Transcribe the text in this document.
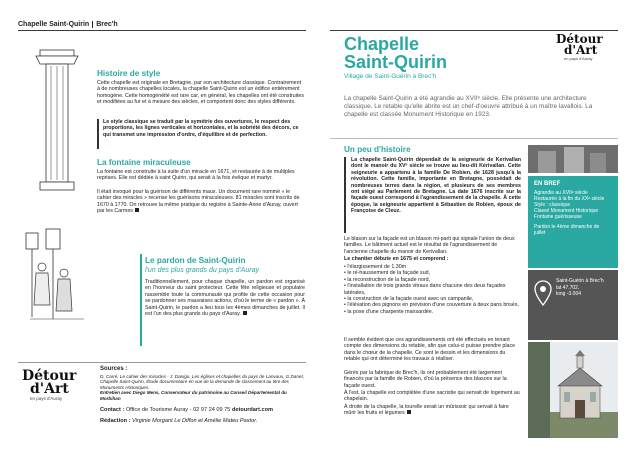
Chapelle Saint-Quirin Brec'h
Chapelle
Saint-Quirin
Village de Saint-Guérin à Brec'h
Détour
d'Art
en pays d'Auray
La chapelle Saint-Quirin a été agrandie au XVIIᵉ siècle. Elle présente une architecture classique. Le retable qu'elle abrite est un chef-d'oeuvre attribué à un maître lavallois. La chapelle est classée Monument Historique en 1923.
Histoire de style
Cette chapelle est originale en Bretagne, par son architecture classique. Contrairement à de nombreuses chapelles locales, la chapelle Saint-Quirin est un édifice entièrement homogène. Cette homogénéité est rare car, en général, les chapelles ont été construites et modifiées au fur et à mesure des siècles, et comportent donc des styles différents.
Le style classique se traduit par la symétrie des ouvertures, le respect des proportions, les lignes verticales et horizontales, et la sobriété des décors, ce qui transmet une impression d'ordre, d'équilibre et de perfection.
La fontaine miraculeuse
La fontaine est construite à la suite d'un miracle en 1671, et restaurée à de multiples reprises. Elle est dédiée à saint Quirin, qui serait à la fois évêque et martyr.
Il était invoqué pour la guérison de différents maux. Un document rare nommé « le cahier des miracles » recense les guérisons miraculeuses. 81 miracles sont inscrits de 1670 à 1770. On retrouve la même pratique du registre à Sainte-Anne d'Auray, ouvert par les Carmes
Le pardon de Saint-Quirin
l'un des plus grands du pays d'Auray
Traditionnellement, pour chaque chapelle, un pardon est organisé en l'honneur du saint protecteur. Cette fête religieuse et populaire rassemble toute la communauté qui profite de cette occasion pour se pardonner ses mauvaises actions, d'où le terme de « pardon ». À Saint-Quirin, le pardon a lieu tous les 4èmes dimanches de juillet. Il est l'un des plus grands du pays d'Auray.
Détour
d'Art
en pays d'Auray
Sources :
D. Carré, Le cahier des miracles - J. Danigo, Les églises et chapelles du pays de Lanvaux, G.Danet, Chapelle Saint-Quirin, Étude documentaire en vue de la demande de classement au titre des Monuments Historiques.
Entretien avec Diego Mens, Conservateur du patrimoine au Conseil Départemental du Morbihan
Contact : Office de Tourisme Auray - 02 97 24 09 75 detourdart.com
Rédaction : Virginie Morgant Le Diffon et Amélie Mateu Pastor.
Un peu d'histoire
La chapelle Saint-Quirin dépendait de la seigneurie de Kerivallan dont le manoir du XVᵉ siècle se trouve au lieu-dit Kérivallan. Cette seigneurie a appartenu à la famille De Robien, de 1628 jusqu'à la révolution. Cette famille, importante en Bretagne, possédait de nombreuses terres dans la région, et plusieurs de ses membres ont siégé au Parlement de Bretagne. La date 1676 inscrite sur la façade ouest correspond à l'agrandissement de la chapelle. À cette époque, la seigneurie appartient à Sébastien de Robien, époux de Françoise de Cleuz.
Le blason sur la façade est un blason mi-parti qui signale l'union de deux familles. Le bâtiment actuel est le résultat de l'agrandissement de l'ancienne chapelle du manoir de Kerivallan.
Le chantier débute en 1675 et comprend :
• l'élargissement de 1,30m
• le ré-haussement de la façade sud,
• la reconstruction de la façade nord,
• l'installation de trois grands vitraux dans chacune des deux façades latérales,
• la construction de la façade ouest avec un campanile,
• l'élévation des pignons en prévision d'une couverture à deux pans brisés,
• la pose d'une charpente mansardée.
Il semble évident que ces agrandissements ont été effectués en tenant compte des dimensions du retable, afin que celui-ci puisse prendre place dans le chœur de la chapelle. Ce sont le dessin et les dimensions du retable qui ont déterminé les travaux à réaliser.
Gérés par la fabrique de Brec'h, ils ont probablement été largement financés par la famille de Robien, d'où la présence des blasons sur la façade ouest.
À l'est, la chapelle est complétée d'une sacristie qui servait de logement au chapelain.
À droite de la chapelle, la tourelle serait un mûrissoir qui servait à faire mûrir les fruits et légumes
EN BREF
Agrandie au XVIIᵉ siècle
Restaurée à la fin du XXᵉ siècle
Style : classique
Classé Monument Historique
Fontaine guérisseuse
Pardon le 4ème dimanche de juillet
Saint-Guérin à Brec'h
lat 47.702,
long -3.004
